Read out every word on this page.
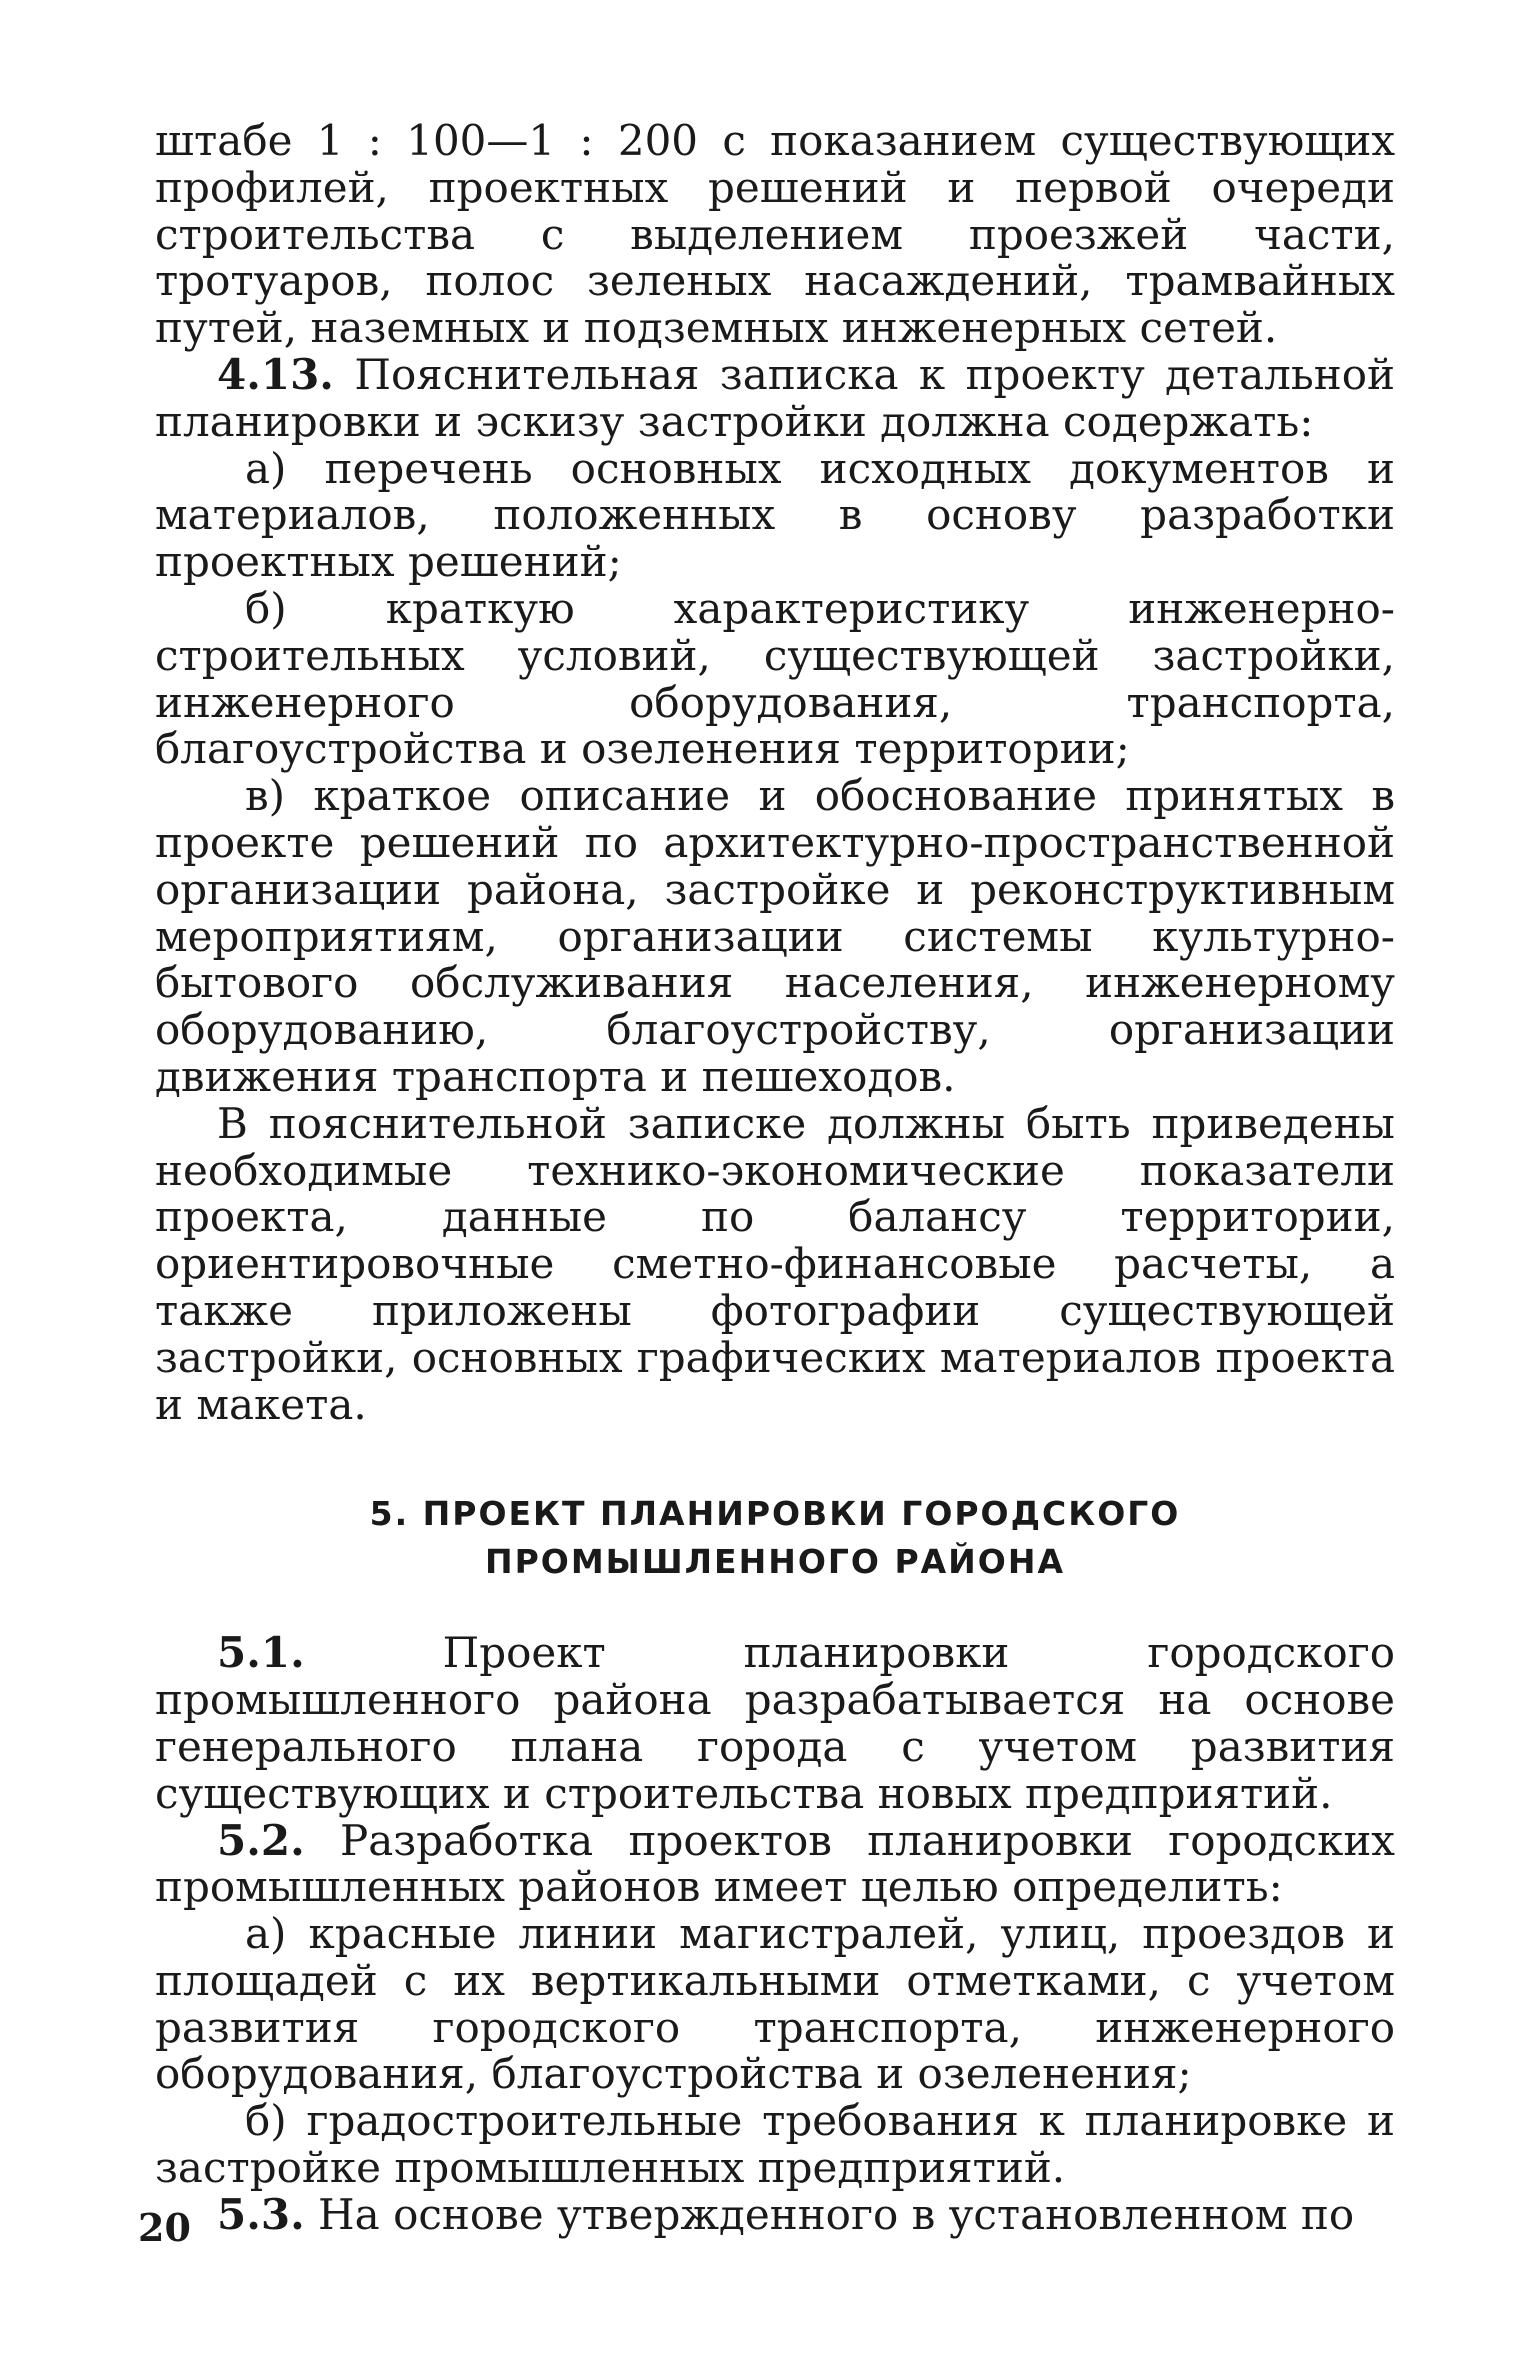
штабе 1 : 100—1 : 200 с показанием существующих профилей, проектных решений и первой очереди строительства с выделением проезжей части, тротуаров, полос зеленых насаждений, трамвайных путей, наземных и подземных инженерных сетей.

4.13. Пояснительная записка к проекту детальной планировки и эскизу застройки должна содержать:

а) перечень основных исходных документов и материалов, положенных в основу разработки проектных решений;

б) краткую характеристику инженерно-строительных условий, существующей застройки, инженерного оборудования, транспорта, благоустройства и озеленения территории;

в) краткое описание и обоснование принятых в проекте решений по архитектурно-пространственной организации района, застройке и реконструктивным мероприятиям, организации системы культурно-бытового обслуживания населения, инженерному оборудованию, благоустройству, организации движения транспорта и пешеходов.

В пояснительной записке должны быть приведены необходимые технико-экономические показатели проекта, данные по балансу территории, ориентировочные сметно-финансовые расчеты, а также приложены фотографии существующей застройки, основных графических материалов проекта и макета.

5. ПРОЕКТ ПЛАНИРОВКИ ГОРОДСКОГО
ПРОМЫШЛЕННОГО РАЙОНА

5.1. Проект планировки городского промышленного района разрабатывается на основе генерального плана города с учетом развития существующих и строительства новых предприятий.

5.2. Разработка проектов планировки городских промышленных районов имеет целью определить:

а) красные линии магистралей, улиц, проездов и площадей с их вертикальными отметками, с учетом развития городского транспорта, инженерного оборудования, благоустройства и озеленения;

б) градостроительные требования к планировке и застройке промышленных предприятий.

5.3. На основе утвержденного в установленном по

20
